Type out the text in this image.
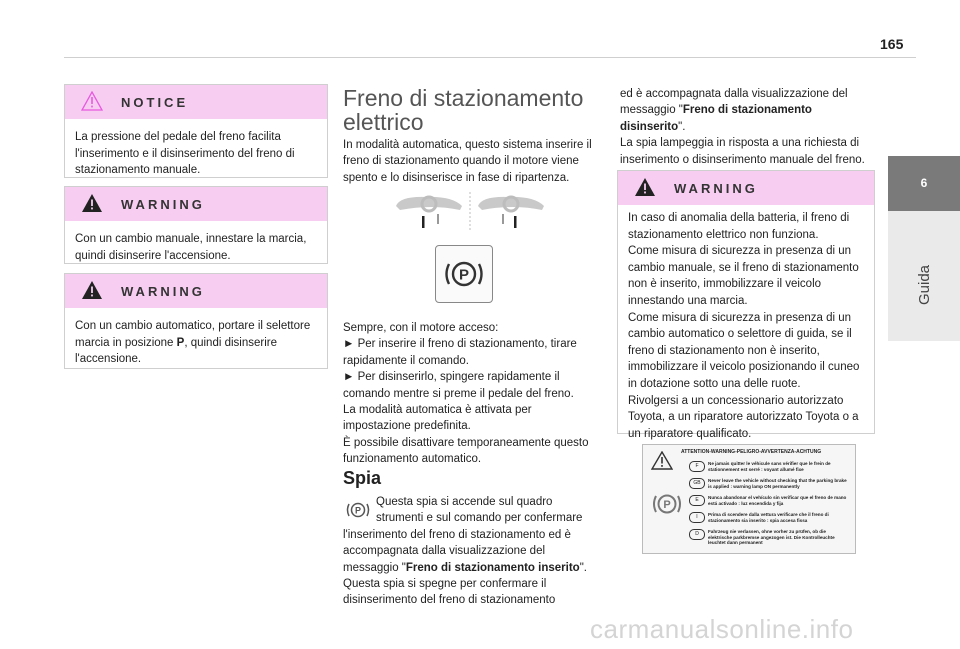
165
6
Guida
NOTICE
La pressione del pedale del freno facilita l'inserimento e il disinserimento del freno di stazionamento manuale.
WARNING
Con un cambio manuale, innestare la marcia, quindi disinserire l'accensione.
WARNING
Con un cambio automatico, portare il selettore marcia in posizione P, quindi disinserire l'accensione.
Freno di stazionamento
elettrico
In modalità automatica, questo sistema inserire il freno di stazionamento quando il motore viene spento e lo disinserisce in fase di ripartenza.
P

Sempre, con il motore acceso:

► Per inserire il freno di stazionamento, tirare rapidamente il comando.

► Per disinserirlo, spingere rapidamente il comando mentre si preme il pedale del freno.

La modalità automatica è attivata per impostazione predefinita.

È possibile disattivare temporaneamente questo funzionamento automatico.

Spia
P
Questa spia si accende sul quadro strumenti e sul comando per confermare l'inserimento del freno di stazionamento ed è accompagnata dalla visualizzazione del messaggio "Freno di stazionamento inserito". Questa spia si spegne per confermare il disinserimento del freno di stazionamento

ed è accompagnata dalla visualizzazione del messaggio "Freno di stazionamento disinserito".

La spia lampeggia in risposta a una richiesta di inserimento o disinserimento manuale del freno.

WARNING
In caso di anomalia della batteria, il freno di stazionamento elettrico non funziona.
Come misura di sicurezza in presenza di un cambio manuale, se il freno di stazionamento non è inserito, immobilizzare il veicolo innestando una marcia.
Come misura di sicurezza in presenza di un cambio automatico o selettore di guida, se il freno di stazionamento non è inserito, immobilizzare il veicolo posizionando il cuneo in dotazione sotto una delle ruote.
Rivolgersi a un concessionario autorizzato Toyota, a un riparatore autorizzato Toyota o a un riparatore qualificato.
ATTENTION-WARNING-PELIGRO-AVVERTENZA-ACHTUNG
P
F	Ne jamais quitter le véhicule sans vérifier que le frein de stationnement est serré : voyant allumé fixe
GB	Never leave the vehicle without checking that the parking brake is applied : warning lamp ON permanently
E	Nunca abandonar el vehículo sin verificar que el freno de mano está activado : luz encendida y fija
I	Prima di scendere dalla vettura verificare che il freno di stazionamento sia inserito : spia accesa fissa
D	Fahrzeug nie verlassen, ohne vorher zu prüfen, ob die elektrische parkbremse angezogen ist. Die Kontrolleuchte leuchtet dann permanent
carmanualsonline.info
